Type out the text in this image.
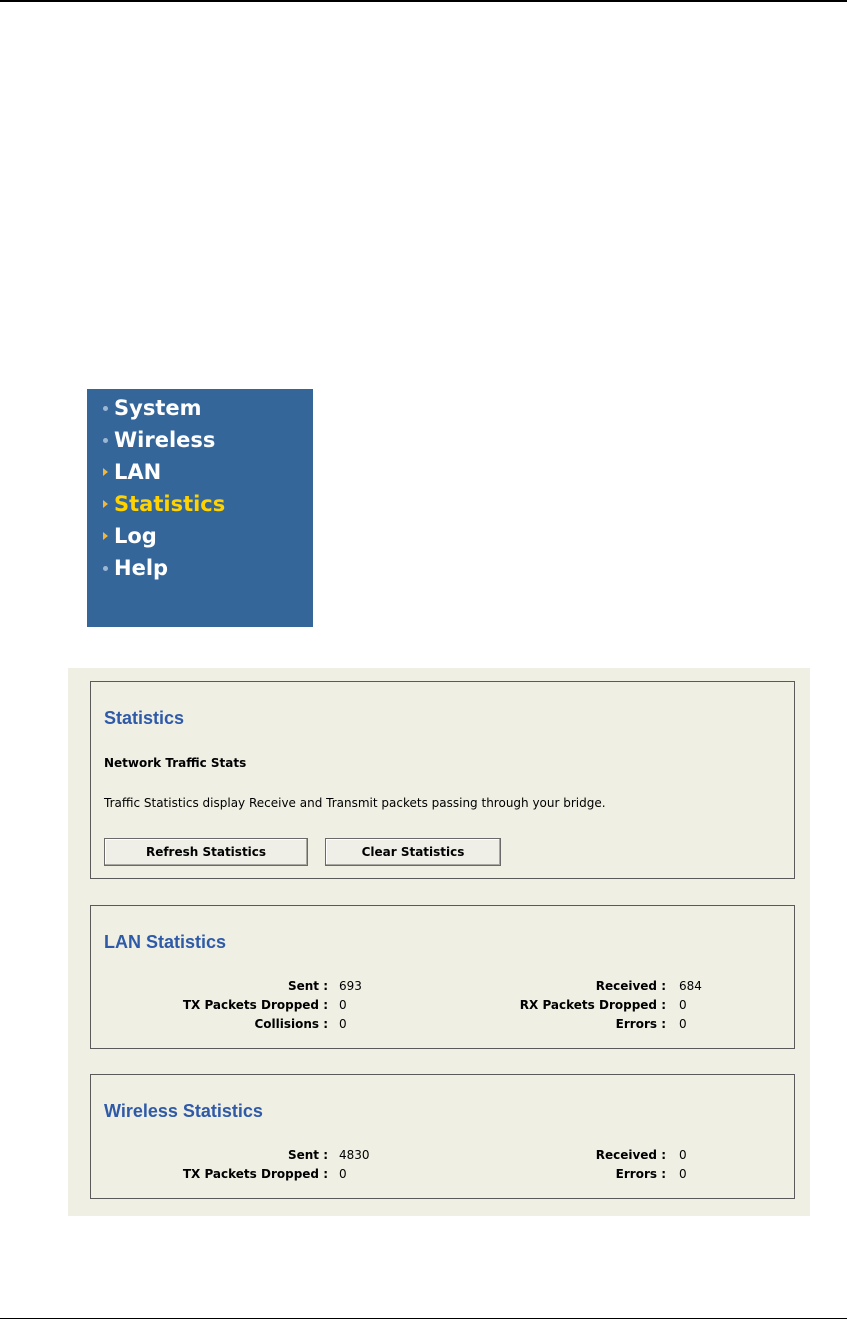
System
Wireless
LAN
Statistics
Log
Help
Statistics
Network Traffic Stats
Traffic Statistics display Receive and Transmit packets passing through your bridge.
Refresh Statistics	Clear Statistics
LAN Statistics
Sent : 693	Received : 684
TX Packets Dropped : 0	RX Packets Dropped : 0
Collisions : 0	Errors : 0
Wireless Statistics
Sent : 4830	Received : 0
TX Packets Dropped : 0	Errors : 0
